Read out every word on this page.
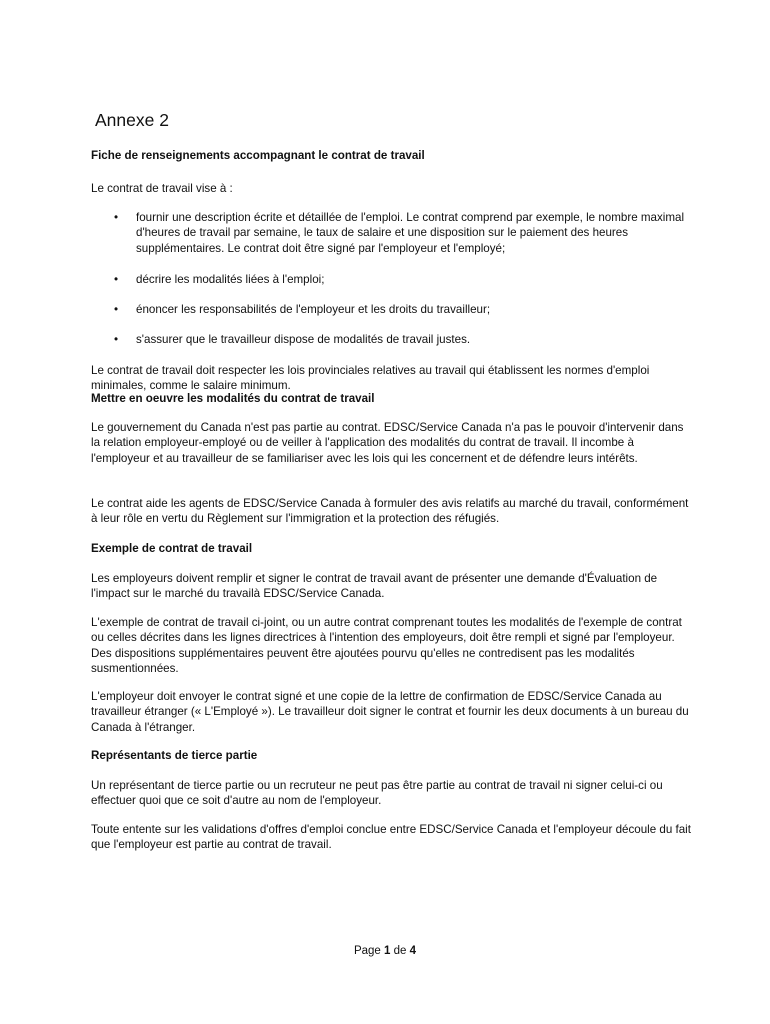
Annexe 2

Fiche de renseignements accompagnant le contrat de travail

Le contrat de travail vise à :

• fournir une description écrite et détaillée de l'emploi. Le contrat comprend par exemple, le nombre maximal d'heures de travail par semaine, le taux de salaire et une disposition sur le paiement des heures supplémentaires. Le contrat doit être signé par l'employeur et l'employé;
• décrire les modalités liées à l'emploi;
• énoncer les responsabilités de l'employeur et les droits du travailleur;
• s'assurer que le travailleur dispose de modalités de travail justes.

Le contrat de travail doit respecter les lois provinciales relatives au travail qui établissent les normes d'emploi minimales, comme le salaire minimum.

Mettre en oeuvre les modalités du contrat de travail

Le gouvernement du Canada n'est pas partie au contrat. EDSC/Service Canada n'a pas le pouvoir d'intervenir dans la relation employeur-employé ou de veiller à l'application des modalités du contrat de travail. Il incombe à l'employeur et au travailleur de se familiariser avec les lois qui les concernent et de défendre leurs intérêts.

Le contrat aide les agents de EDSC/Service Canada à formuler des avis relatifs au marché du travail, conformément à leur rôle en vertu du Règlement sur l'immigration et la protection des réfugiés.

Exemple de contrat de travail

Les employeurs doivent remplir et signer le contrat de travail avant de présenter une demande d'Évaluation de l'impact sur le marché du travailà EDSC/Service Canada.

L'exemple de contrat de travail ci-joint, ou un autre contrat comprenant toutes les modalités de l'exemple de contrat ou celles décrites dans les lignes directrices à l'intention des employeurs, doit être rempli et signé par l'employeur. Des dispositions supplémentaires peuvent être ajoutées pourvu qu'elles ne contredisent pas les modalités susmentionnées.

L'employeur doit envoyer le contrat signé et une copie de la lettre de confirmation de EDSC/Service Canada au travailleur étranger (« L'Employé »). Le travailleur doit signer le contrat et fournir les deux documents à un bureau du Canada à l'étranger.

Représentants de tierce partie

Un représentant de tierce partie ou un recruteur ne peut pas être partie au contrat de travail ni signer celui-ci ou effectuer quoi que ce soit d'autre au nom de l'employeur.

Toute entente sur les validations d'offres d'emploi conclue entre EDSC/Service Canada et l'employeur découle du fait que l'employeur est partie au contrat de travail.

Page 1 de 4
